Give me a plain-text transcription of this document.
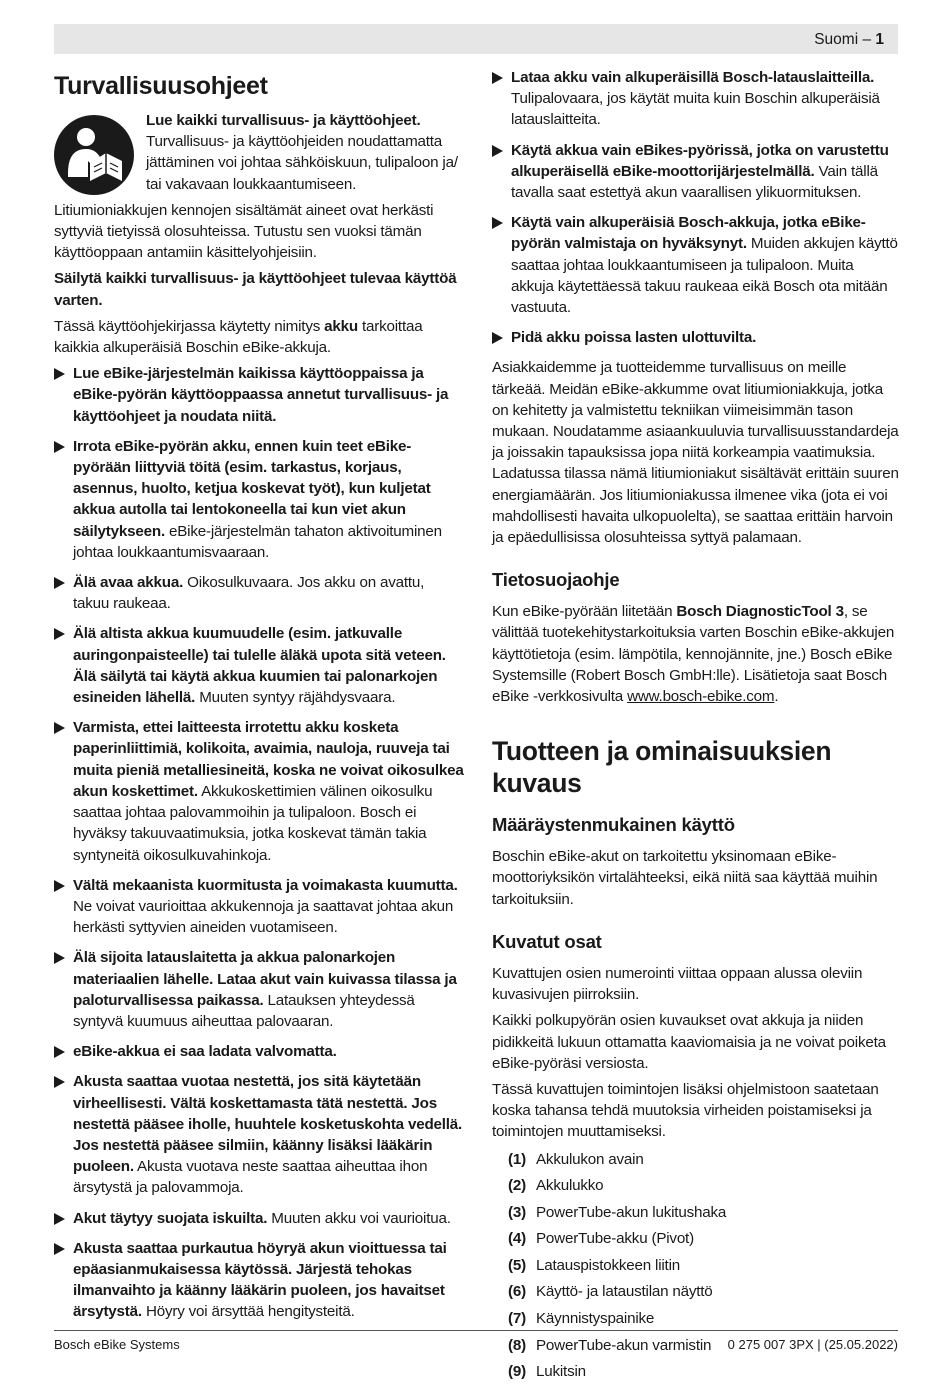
Suomi – 1
Turvallisuusohjeet

Lue kaikki turvallisuus- ja käyttöohjeet. Turvallisuus- ja käyttöohjeiden noudattamatta jättäminen voi johtaa sähköiskuun, tulipaloon ja/ tai vakavaan loukkaantumiseen.

Litiumioniakkujen kennojen sisältämät aineet ovat herkästi syttyviä tietyissä olosuhteissa. Tutustu sen vuoksi tämän käyttöoppaan antamiin käsittelyohjeisiin.

Säilytä kaikki turvallisuus- ja käyttöohjeet tulevaa käyttöä varten.

Tässä käyttöohjekirjassa käytetty nimitys akku tarkoittaa kaikkia alkuperäisiä Boschin eBike-akkuja.

Lue eBike-järjestelmän kaikissa käyttöoppaissa ja eBike-pyörän käyttöoppaassa annetut turvallisuus- ja käyttöohjeet ja noudata niitä.
Irrota eBike-pyörän akku, ennen kuin teet eBike-pyörään liittyviä töitä (esim. tarkastus, korjaus, asennus, huolto, ketjua koskevat työt), kun kuljetat akkua autolla tai lentokoneella tai kun viet akun säilytykseen. eBike-järjestelmän tahaton aktivoituminen johtaa loukkaantumisvaaraan.
Älä avaa akkua. Oikosulkuvaara. Jos akku on avattu, takuu raukeaa.
Älä altista akkua kuumuudelle (esim. jatkuvalle auringonpaisteelle) tai tulelle äläkä upota sitä veteen. Älä säilytä tai käytä akkua kuumien tai palonarkojen esineiden lähellä. Muuten syntyy räjähdysvaara.
Varmista, ettei laitteesta irrotettu akku kosketa paperinliittimiä, kolikoita, avaimia, nauloja, ruuveja tai muita pieniä metalliesineitä, koska ne voivat oikosulkea akun koskettimet. Akkukoskettimien välinen oikosulku saattaa johtaa palovammoihin ja tulipaloon. Bosch ei hyväksy takuuvaatimuksia, jotka koskevat tämän takia syntyneitä oikosulkuvahinkoja.
Vältä mekaanista kuormitusta ja voimakasta kuumutta. Ne voivat vaurioittaa akkukennoja ja saattavat johtaa akun herkästi syttyvien aineiden vuotamiseen.
Älä sijoita latauslaitetta ja akkua palonarkojen materiaalien lähelle. Lataa akut vain kuivassa tilassa ja paloturvallisessa paikassa. Latauksen yhteydessä syntyvä kuumuus aiheuttaa palovaaran.
eBike-akkua ei saa ladata valvomatta.
Akusta saattaa vuotaa nestettä, jos sitä käytetään virheellisesti. Vältä koskettamasta tätä nestettä. Jos nestettä pääsee iholle, huuhtele kosketuskohta vedellä. Jos nestettä pääsee silmiin, käänny lisäksi lääkärin puoleen. Akusta vuotava neste saattaa aiheuttaa ihon ärsytystä ja palovammoja.
Akut täytyy suojata iskuilta. Muuten akku voi vaurioitua.
Akusta saattaa purkautua höyryä akun vioittuessa tai epäasianmukaisessa käytössä. Järjestä tehokas ilmanvaihto ja käänny lääkärin puoleen, jos havaitset ärsytystä. Höyry voi ärsyttää hengitysteitä.
Lataa akku vain alkuperäisillä Bosch-latauslaitteilla. Tulipalovaara, jos käytät muita kuin Boschin alkuperäisiä latauslaitteita.
Käytä akkua vain eBikes-pyörissä, jotka on varustettu alkuperäisellä eBike-moottorijärjestelmällä. Vain tällä tavalla saat estettyä akun vaarallisen ylikuormituksen.
Käytä vain alkuperäisiä Bosch-akkuja, jotka eBike-pyörän valmistaja on hyväksynyt. Muiden akkujen käyttö saattaa johtaa loukkaantumiseen ja tulipaloon. Muita akkuja käytettäessä takuu raukeaa eikä Bosch ota mitään vastuuta.
Pidä akku poissa lasten ulottuvilta.

Asiakkaidemme ja tuotteidemme turvallisuus on meille tärkeää. Meidän eBike-akkumme ovat litiumioniakkuja, jotka on kehitetty ja valmistettu tekniikan viimeisimmän tason mukaan. Noudatamme asiaankuuluvia turvallisuusstandardeja ja joissakin tapauksissa jopa niitä korkeampia vaatimuksia. Ladatussa tilassa nämä litiumioniakut sisältävät erittäin suuren energiamäärän. Jos litiumioniakussa ilmenee vika (jota ei voi mahdollisesti havaita ulkopuolelta), se saattaa erittäin harvoin ja epäedullisissa olosuhteissa syttyä palamaan.

Tietosuojaohje

Kun eBike-pyörään liitetään Bosch DiagnosticTool 3, se välittää tuotekehitystarkoituksia varten Boschin eBike-akkujen käyttötietoja (esim. lämpötila, kennojännite, jne.) Bosch eBike Systemsille (Robert Bosch GmbH:lle). Lisätietoja saat Bosch eBike -verkkosivulta www.bosch-ebike.com.

Tuotteen ja ominaisuuksien kuvaus
Määräystenmukainen käyttö

Boschin eBike-akut on tarkoitettu yksinomaan eBike-moottoriyksikön virtalähteeksi, eikä niitä saa käyttää muihin tarkoituksiin.

Kuvatut osat

Kuvattujen osien numerointi viittaa oppaan alussa oleviin kuvasivujen piirroksiin.

Kaikki polkupyörän osien kuvaukset ovat akkuja ja niiden pidikkeitä lukuun ottamatta kaaviomaisia ja ne voivat poiketa eBike-pyöräsi versiosta.

Tässä kuvattujen toimintojen lisäksi ohjelmistoon saatetaan koska tahansa tehdä muutoksia virheiden poistamiseksi ja toimintojen muuttamiseksi.

(1) Akkulukon avain
(2) Akkulukko
(3) PowerTube-akun lukitushaka
(4) PowerTube-akku (Pivot)
(5) Latauspistokkeen liitin
(6) Käyttö- ja lataustilan näyttö
(7) Käynnistyspainike
(8) PowerTube-akun varmistin
(9) Lukitsin
Bosch eBike Systems	0 275 007 3PX | (25.05.2022)
